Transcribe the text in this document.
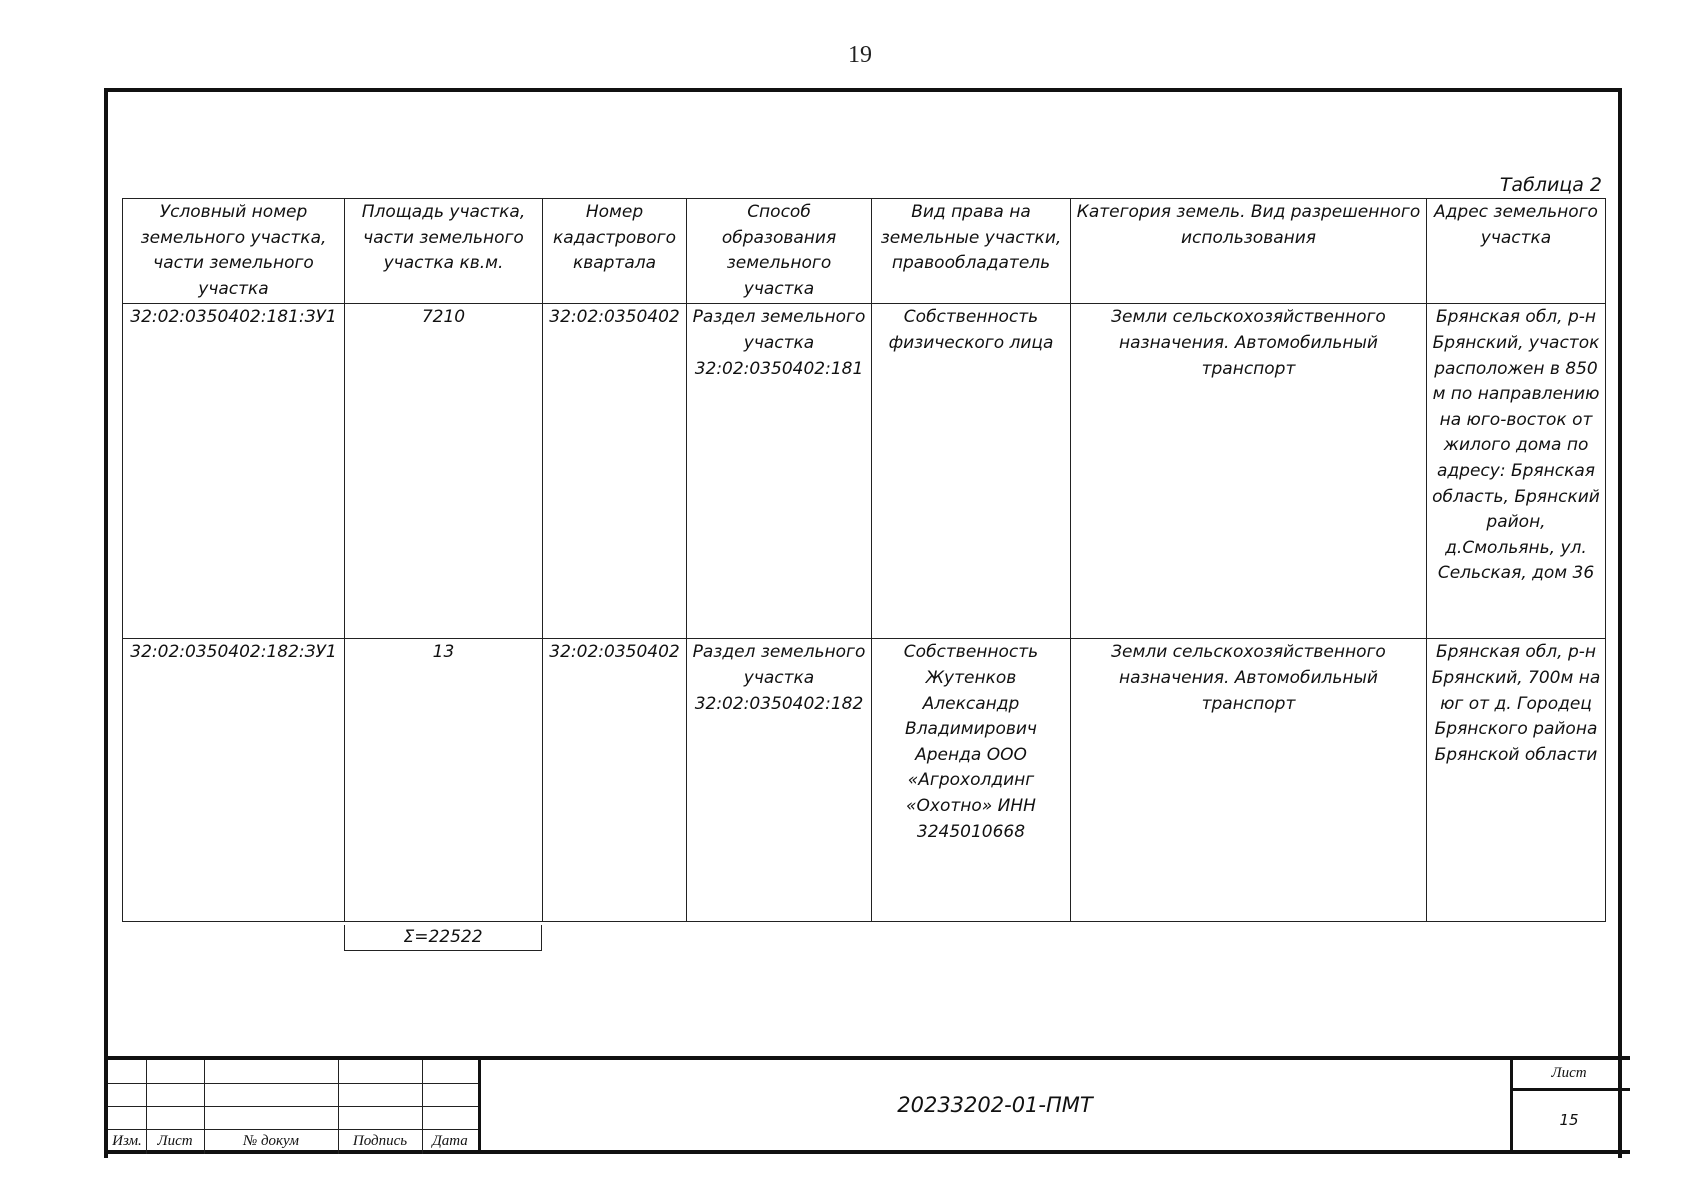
19
Таблица 2
Условный номер земельного участка, части земельного участка	Площадь участка, части земельного участка кв.м.	Номер кадастрового квартала	Способ образования земельного участка	Вид права на земельные участки, правообладатель	Категория земель. Вид разрешенного использования	Адрес земельного участка
32:02:0350402:181:ЗУ1	7210	32:02:0350402	Раздел земельного участка 32:02:0350402:181	Собственность физического лица	Земли сельскохозяйственного назначения. Автомобильный транспорт	Брянская обл, р-н Брянский, участок расположен в 850 м по направлению на юго-восток от жилого дома по адресу: Брянская область, Брянский район, д.Смольянь, ул. Сельская, дом 36
32:02:0350402:182:ЗУ1	13	32:02:0350402	Раздел земельного участка 32:02:0350402:182	Собственность Жутенков Александр Владимирович Аренда ООО «Агрохолдинг «Охотно» ИНН 3245010668	Земли сельскохозяйственного назначения. Автомобильный транспорт	Брянская обл, р-н Брянский, 700м на юг от д. Городец Брянского района Брянской области
Σ=22522
Изм.	Лист	№ докум	Подпись	Дата
20233202-01-ПМТ
Лист
15
